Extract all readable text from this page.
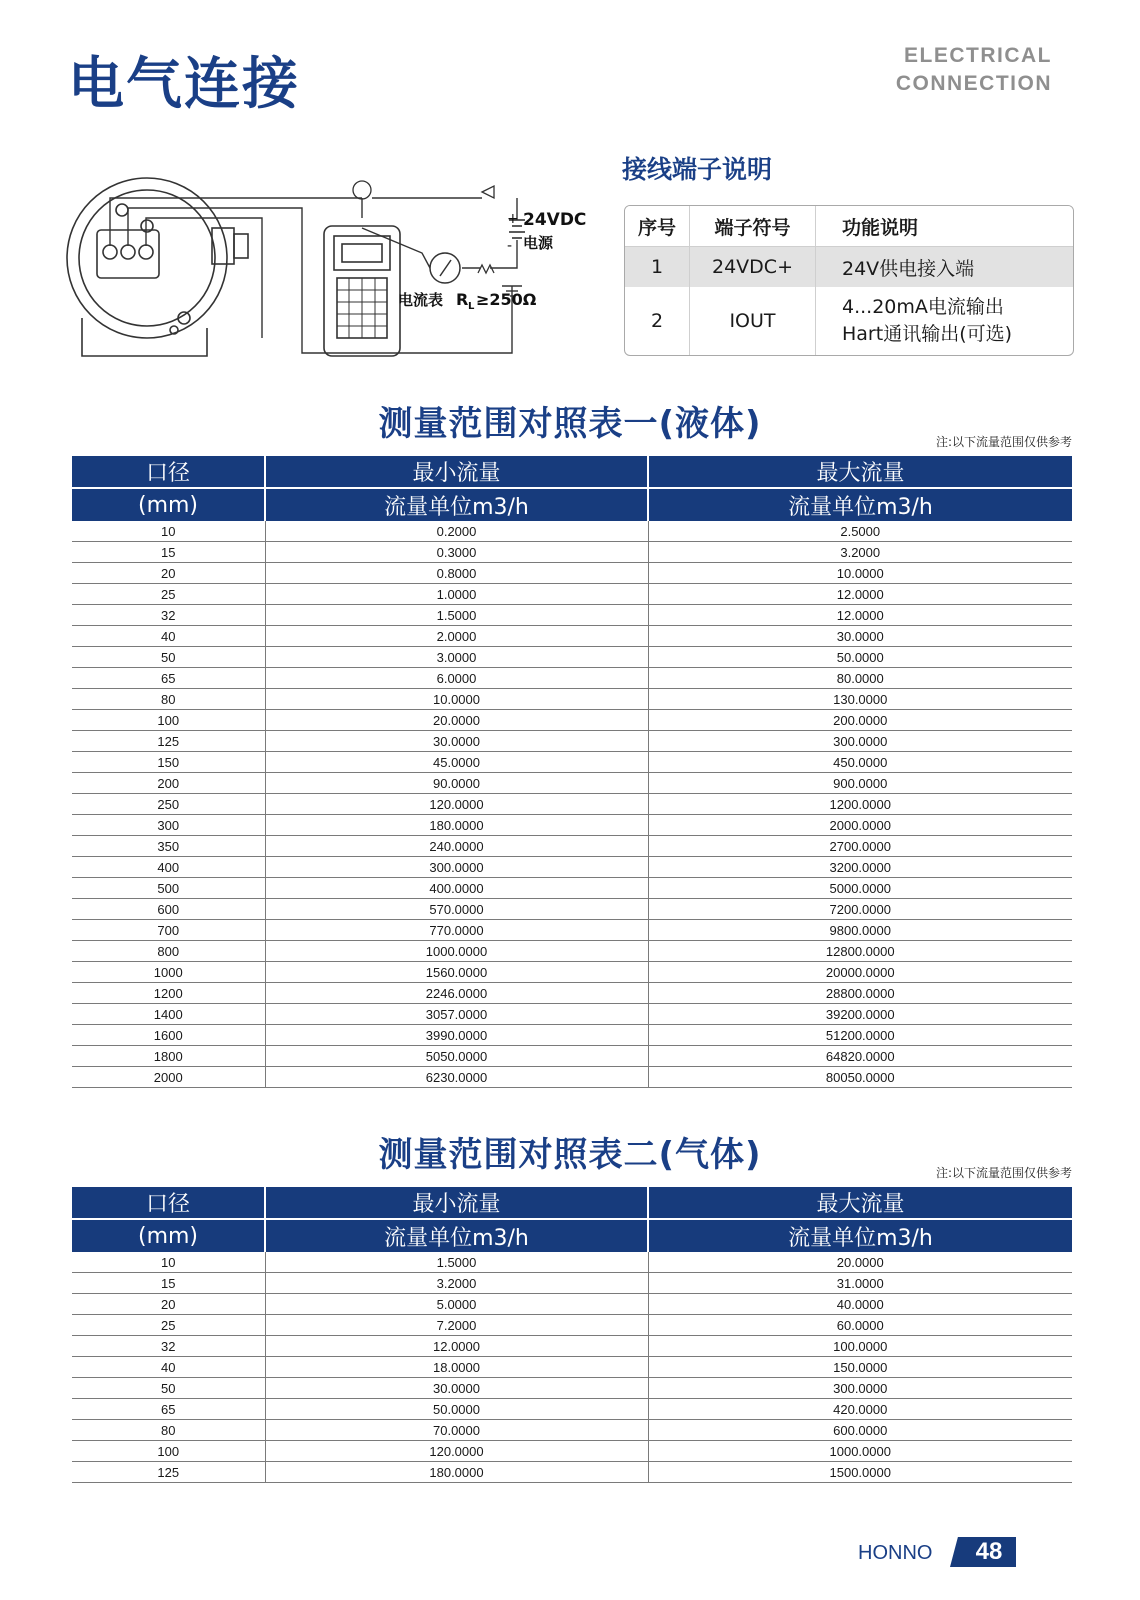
电气连接	ELECTRICAL
CONNECTION
+ 24VDC
- 电源
电流表 R L ≥250Ω
接线端子说明
序号	端子符号	功能说明
1	24VDC+	24V供电接入端
2	IOUT	4...20mA电流输出
Hart通讯输出(可选)
测量范围对照表一(液体)	注:以下流量范围仅供参考
口径	最小流量	最大流量
(mm)	流量单位m3/h	流量单位m3/h
10	0.2000	2.5000
15	0.3000	3.2000
20	0.8000	10.0000
25	1.0000	12.0000
32	1.5000	12.0000
40	2.0000	30.0000
50	3.0000	50.0000
65	6.0000	80.0000
80	10.0000	130.0000
100	20.0000	200.0000
125	30.0000	300.0000
150	45.0000	450.0000
200	90.0000	900.0000
250	120.0000	1200.0000
300	180.0000	2000.0000
350	240.0000	2700.0000
400	300.0000	3200.0000
500	400.0000	5000.0000
600	570.0000	7200.0000
700	770.0000	9800.0000
800	1000.0000	12800.0000
1000	1560.0000	20000.0000
1200	2246.0000	28800.0000
1400	3057.0000	39200.0000
1600	3990.0000	51200.0000
1800	5050.0000	64820.0000
2000	6230.0000	80050.0000
测量范围对照表二(气体)	注:以下流量范围仅供参考
口径	最小流量	最大流量
(mm)	流量单位m3/h	流量单位m3/h
10	1.5000	20.0000
15	3.2000	31.0000
20	5.0000	40.0000
25	7.2000	60.0000
32	12.0000	100.0000
40	18.0000	150.0000
50	30.0000	300.0000
65	50.0000	420.0000
80	70.0000	600.0000
100	120.0000	1000.0000
125	180.0000	1500.0000
HONNO	48
